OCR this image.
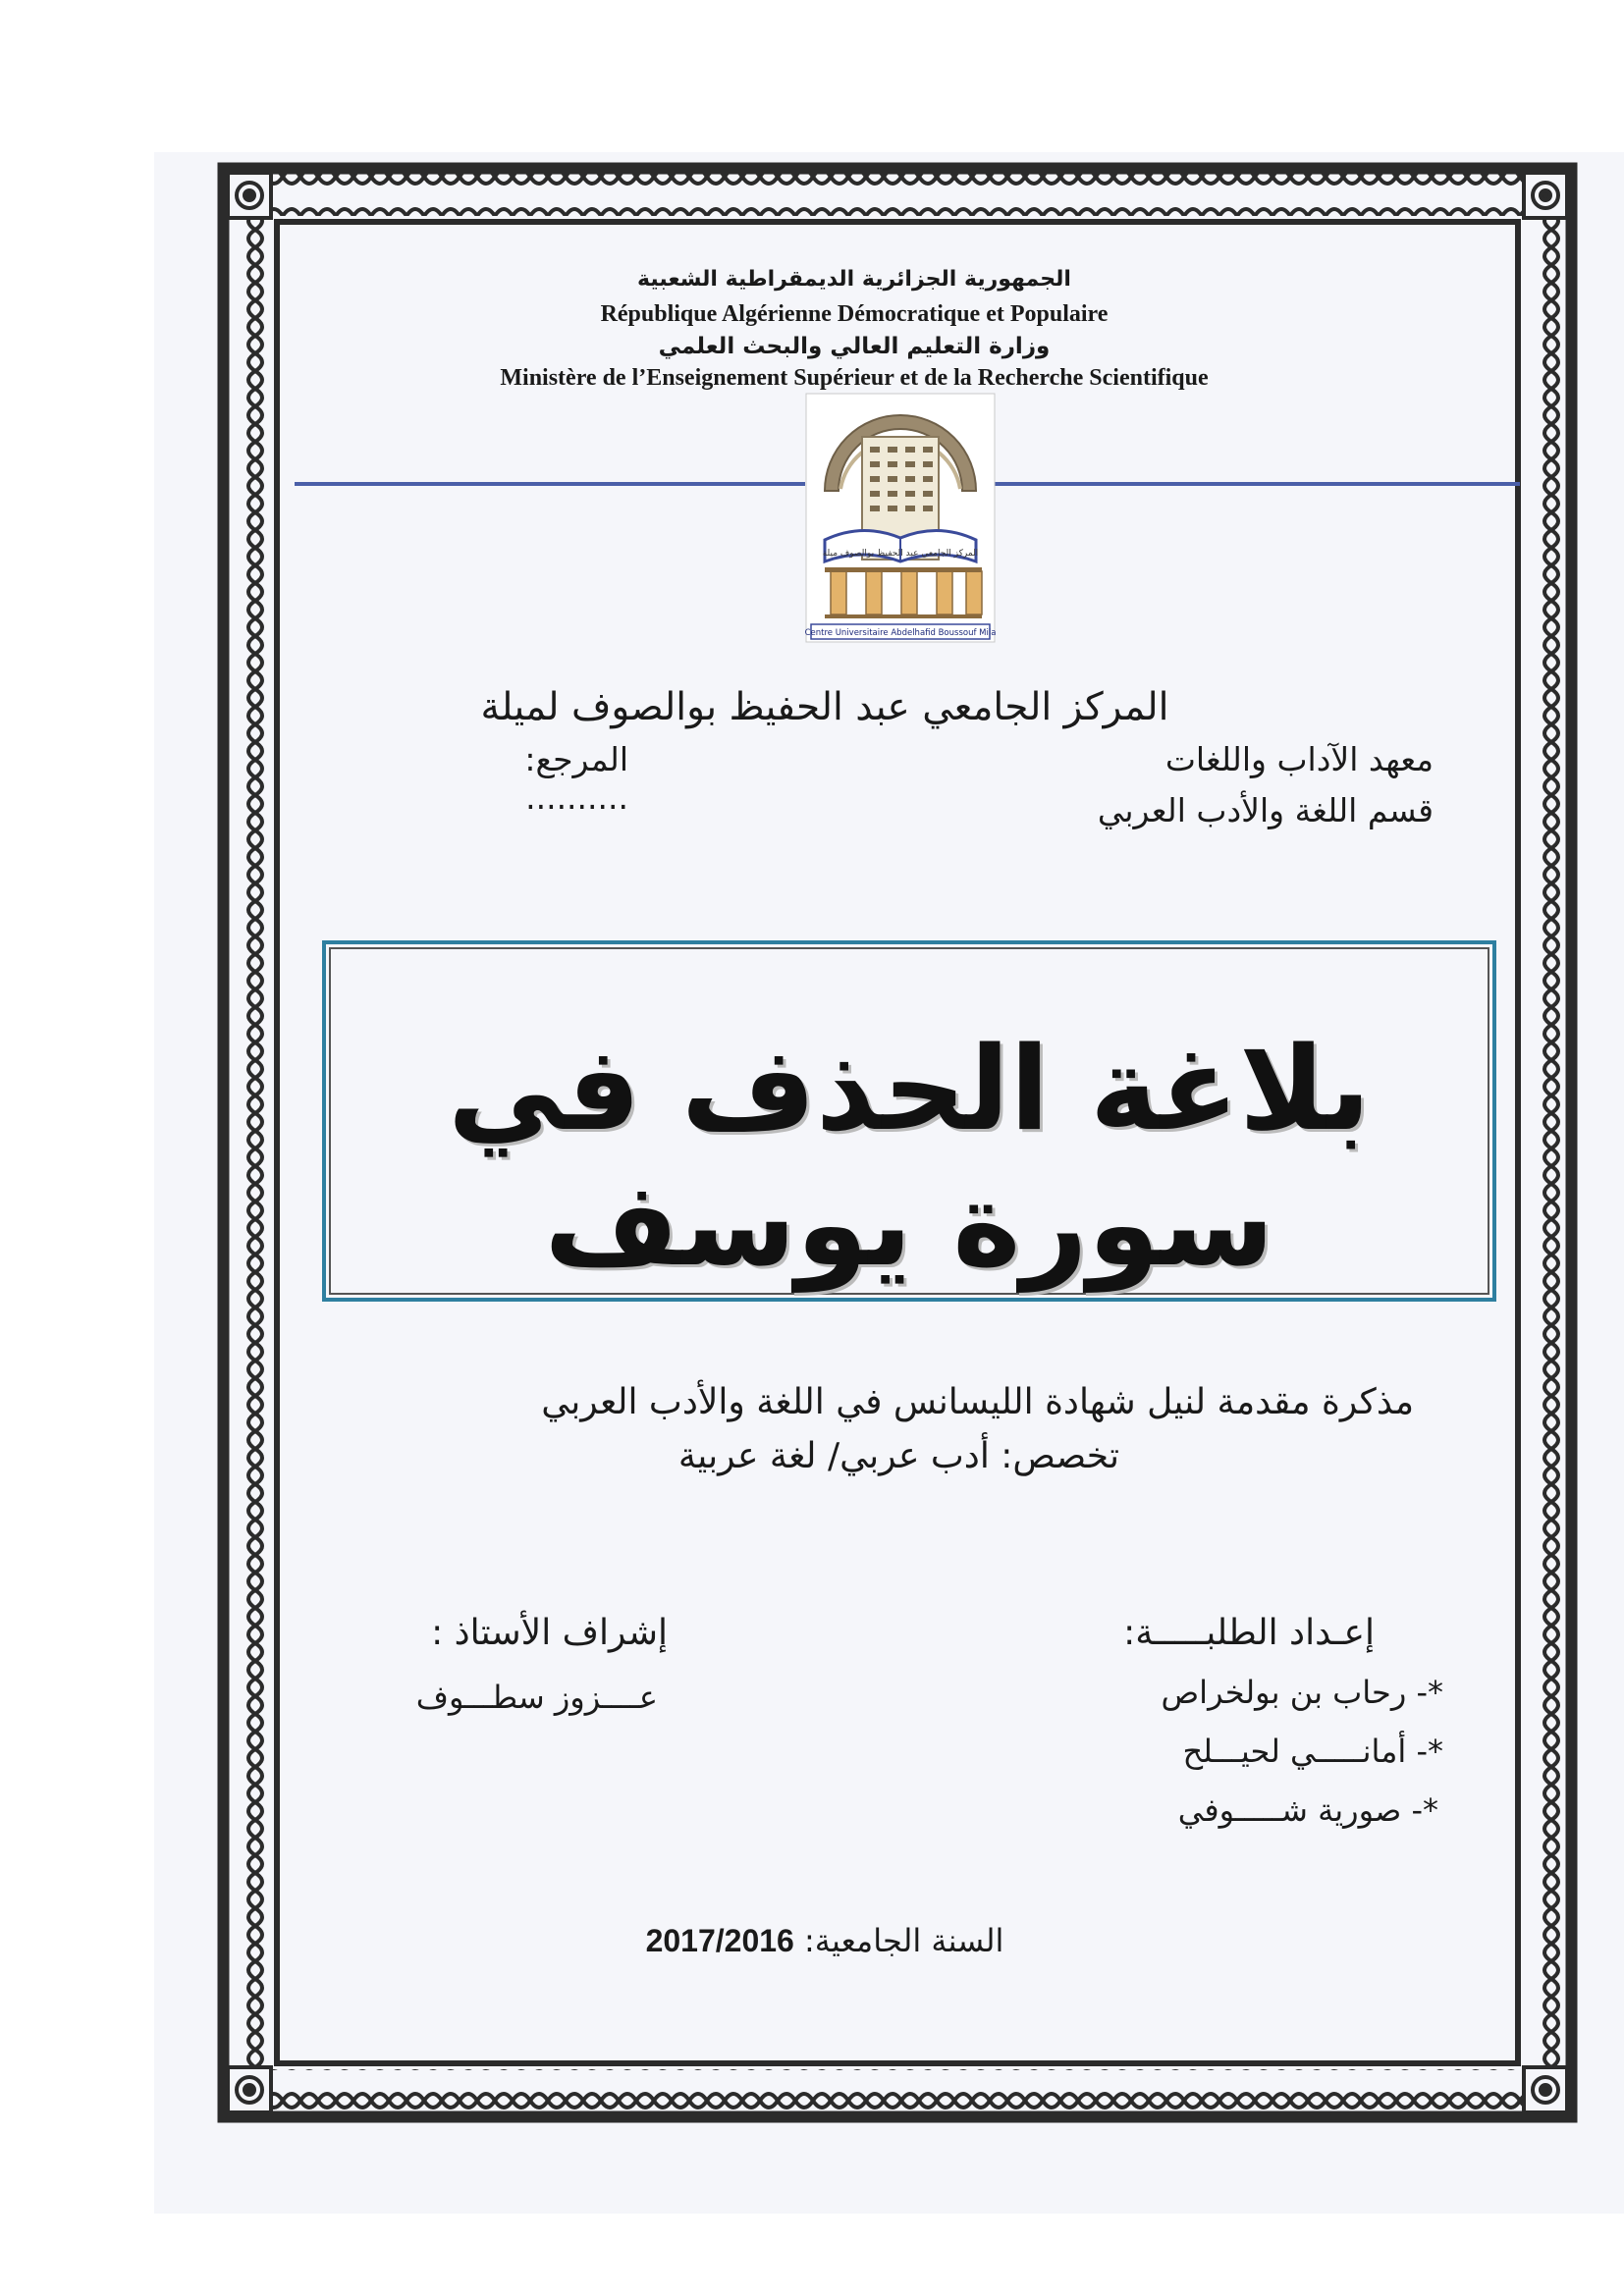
الجمهورية الجزائرية الديمقراطية الشعبية
République Algérienne Démocratique et Populaire
وزارة التعليم العالي والبحث العلمي
Ministère de l’Enseignement Supérieur et de la Recherche Scientifique
المركز الجامعي عبد الحفيظ بوالصوف ميلة
Centre Universitaire Abdelhafid Boussouf Mila
المركز الجامعي عبد الحفيظ بوالصوف لميلة
معهد الآداب واللغات
المرجع: ..........	قسم اللغة والأدب العربي
بلاغة الحذف في سورة يوسف
مذكرة مقدمة لنيل شهادة الليسانس في اللغة والأدب العربي
تخصص: أدب عربي/ لغة عربية
إعـداد الطلبـــــة:
*- رحاب بن بولخراص
*- أمانـــــي لحيـــلح
*- صورية شـــــوفي
إشراف الأستاذ :
عــــزوز سطـــوف
السنة الجامعية: 2017/2016
